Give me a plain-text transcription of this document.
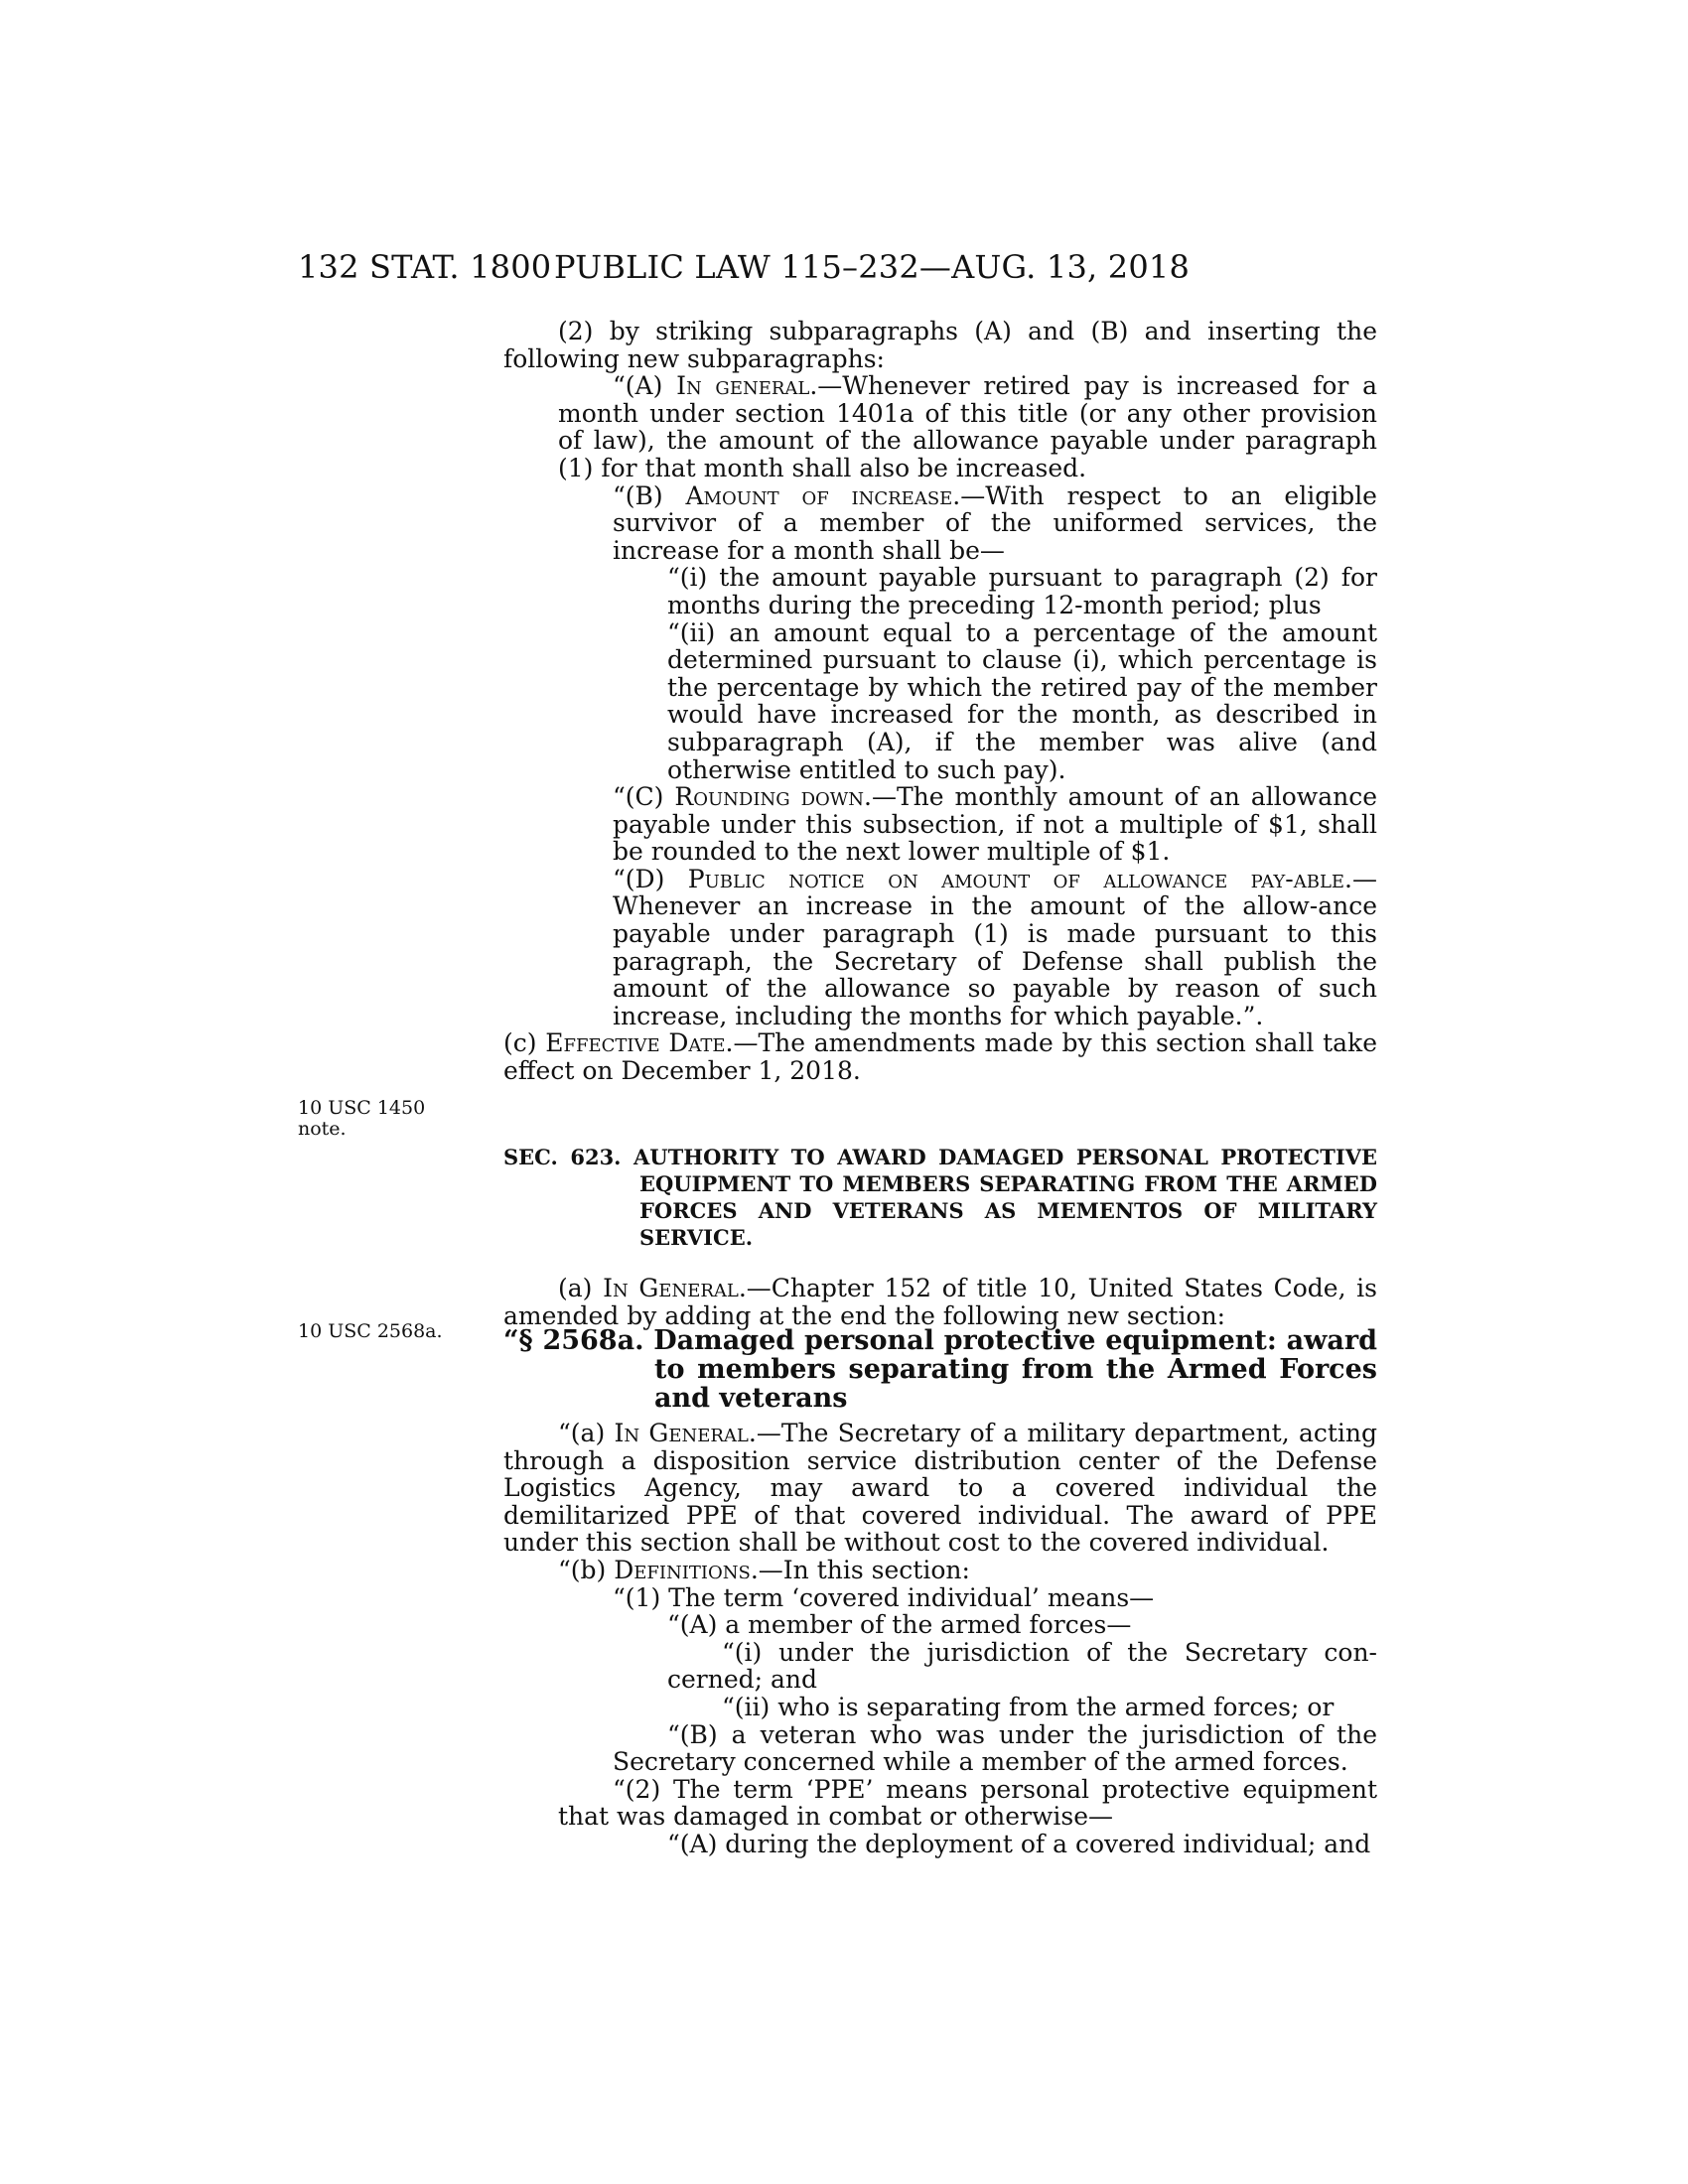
132 STAT. 1800 PUBLIC LAW 115–232—AUG. 13, 2018
10 USC 1450
note.
10 USC 2568a.

(2) by striking subparagraphs (A) and (B) and inserting the following new subparagraphs:

“(A) In general.—Whenever retired pay is increased for a month under section 1401a of this title (or any other provision of law), the amount of the allowance payable under paragraph (1) for that month shall also be increased.

“(B) Amount of increase.—With respect to an eligible survivor of a member of the uniformed services, the increase for a month shall be—

“(i) the amount payable pursuant to paragraph (2) for months during the preceding 12-month period; plus

“(ii) an amount equal to a percentage of the amount determined pursuant to clause (i), which percentage is the percentage by which the retired pay of the member would have increased for the month, as described in subparagraph (A), if the member was alive (and otherwise entitled to such pay).

“(C) Rounding down.—The monthly amount of an allowance payable under this subsection, if not a multiple of $1, shall be rounded to the next lower multiple of $1.

“(D) Public notice on amount of allowance pay-able.—Whenever an increase in the amount of the allow-ance payable under paragraph (1) is made pursuant to this paragraph, the Secretary of Defense shall publish the amount of the allowance so payable by reason of such increase, including the months for which payable.”.

(c) Effective Date.—The amendments made by this section shall take effect on December 1, 2018.

SEC. 623. AUTHORITY TO AWARD DAMAGED PERSONAL PROTECTIVE EQUIPMENT TO MEMBERS SEPARATING FROM THE ARMED FORCES AND VETERANS AS MEMENTOS OF MILITARY SERVICE.

(a) In General.—Chapter 152 of title 10, United States Code, is amended by adding at the end the following new section:

“§ 2568a. Damaged personal protective equipment: award to members separating from the Armed Forces and veterans

“(a) In General.—The Secretary of a military department, acting through a disposition service distribution center of the Defense Logistics Agency, may award to a covered individual the demilitarized PPE of that covered individual. The award of PPE under this section shall be without cost to the covered individual.

“(b) Definitions.—In this section:

“(1) The term ‘covered individual’ means—

“(A) a member of the armed forces—

“(i) under the jurisdiction of the Secretary con-cerned; and

“(ii) who is separating from the armed forces; or

“(B) a veteran who was under the jurisdiction of the Secretary concerned while a member of the armed forces.

“(2) The term ‘PPE’ means personal protective equipment that was damaged in combat or otherwise—

“(A) during the deployment of a covered individual; and
